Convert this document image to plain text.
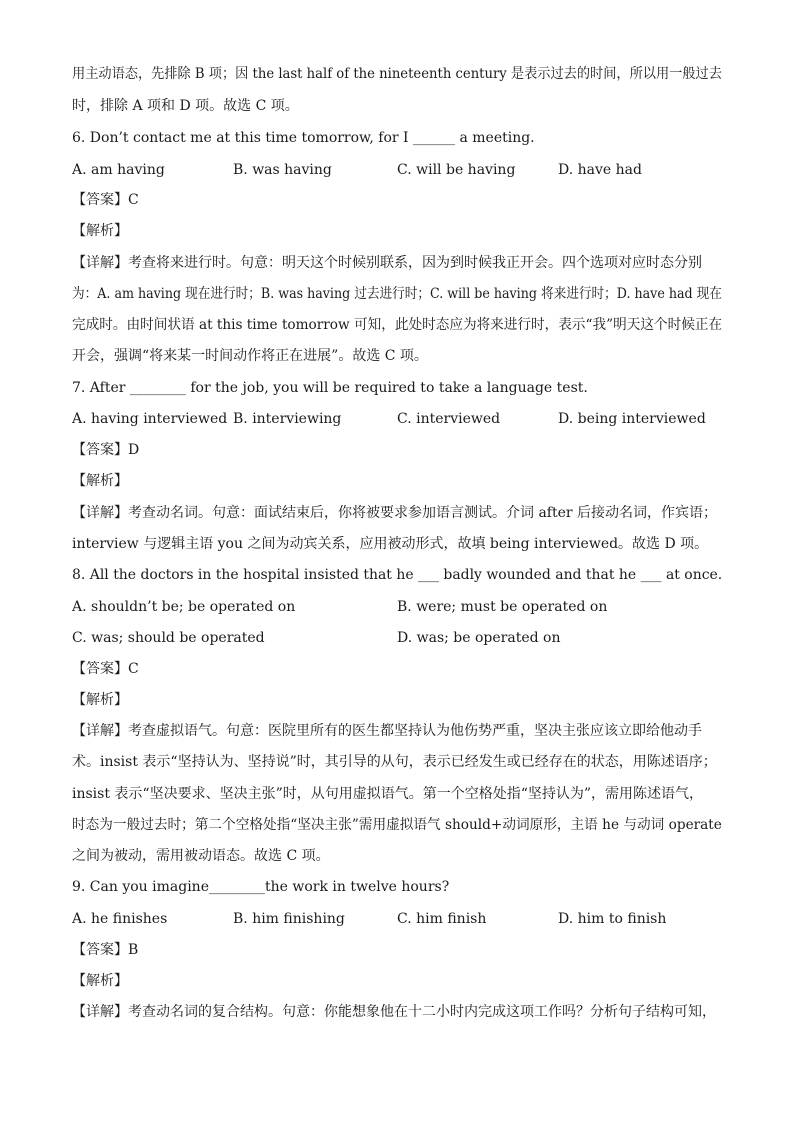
用主动语态，先排除 B 项；因 the last half of the nineteenth century 是表示过去的时间，所以用一般过去
时，排除 A 项和 D 项。故选 C 项。
6. Don’t contact me at this time tomorrow, for I ______ a meeting.
A. am having	B. was having	C. will be having	D. have had
【答案】C
【解析】
【详解】考查将来进行时。句意：明天这个时候别联系，因为到时候我正开会。四个选项对应时态分别
为：A. am having 现在进行时；B. was having 过去进行时；C. will be having 将来进行时；D. have had 现在
完成时。由时间状语 at this time tomorrow 可知，此处时态应为将来进行时，表示“我”明天这个时候正在
开会，强调“将来某一时间动作将正在进展”。故选 C 项。
7. After ________ for the job, you will be required to take a language test.
A. having interviewed B. interviewing	C. interviewed	D. being interviewed
【答案】D
【解析】
【详解】考查动名词。句意：面试结束后，你将被要求参加语言测试。介词 after 后接动名词，作宾语；
interview 与逻辑主语 you 之间为动宾关系，应用被动形式，故填 being interviewed。故选 D 项。
8. All the doctors in the hospital insisted that he ___ badly wounded and that he ___ at once.
A. shouldn’t be; be operated on	B. were; must be operated on
C. was; should be operated	D. was; be operated on
【答案】C
【解析】
【详解】考查虚拟语气。句意：医院里所有的医生都坚持认为他伤势严重，坚决主张应该立即给他动手
术。insist 表示“坚持认为、坚持说”时，其引导的从句，表示已经发生或已经存在的状态，用陈述语序；
insist 表示“坚决要求、坚决主张”时，从句用虚拟语气。第一个空格处指“坚持认为”，需用陈述语气，
时态为一般过去时；第二个空格处指“坚决主张”需用虚拟语气 should+动词原形，主语 he 与动词 operate
之间为被动，需用被动语态。故选 C 项。
9. Can you imagine________the work in twelve hours?
A. he finishes	B. him finishing	C. him finish	D. him to finish
【答案】B
【解析】
【详解】考查动名词的复合结构。句意：你能想象他在十二小时内完成这项工作吗？分析句子结构可知，
